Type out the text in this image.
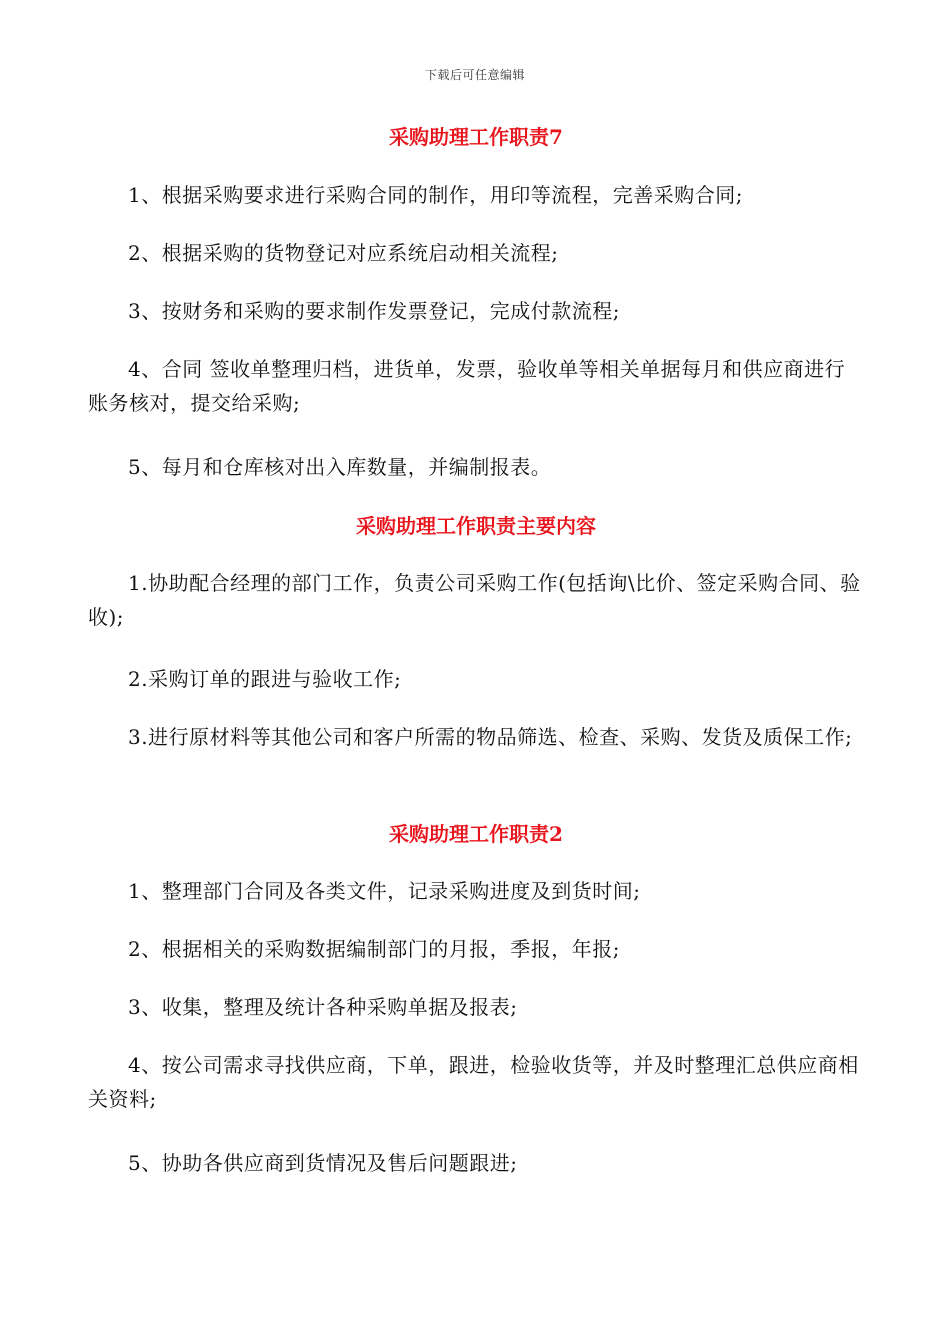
下载后可任意编辑
采购助理工作职责7
1、根据采购要求进行采购合同的制作，用印等流程，完善采购合同;
2、根据采购的货物登记对应系统启动相关流程;
3、按财务和采购的要求制作发票登记，完成付款流程;
4、合同 签收单整理归档，进货单，发票，验收单等相关单据每月和供应商进行账务核对，提交给采购;
5、每月和仓库核对出入库数量，并编制报表。
采购助理工作职责主要内容
1.协助配合经理的部门工作，负责公司采购工作(包括询\比价、签定采购合同、验收);
2.采购订单的跟进与验收工作;
3.进行原材料等其他公司和客户所需的物品筛选、检查、采购、发货及质保工作;
采购助理工作职责2
1、整理部门合同及各类文件，记录采购进度及到货时间;
2、根据相关的采购数据编制部门的月报，季报，年报;
3、收集，整理及统计各种采购单据及报表;
4、按公司需求寻找供应商，下单，跟进，检验收货等，并及时整理汇总供应商相关资料;
5、协助各供应商到货情况及售后问题跟进;
